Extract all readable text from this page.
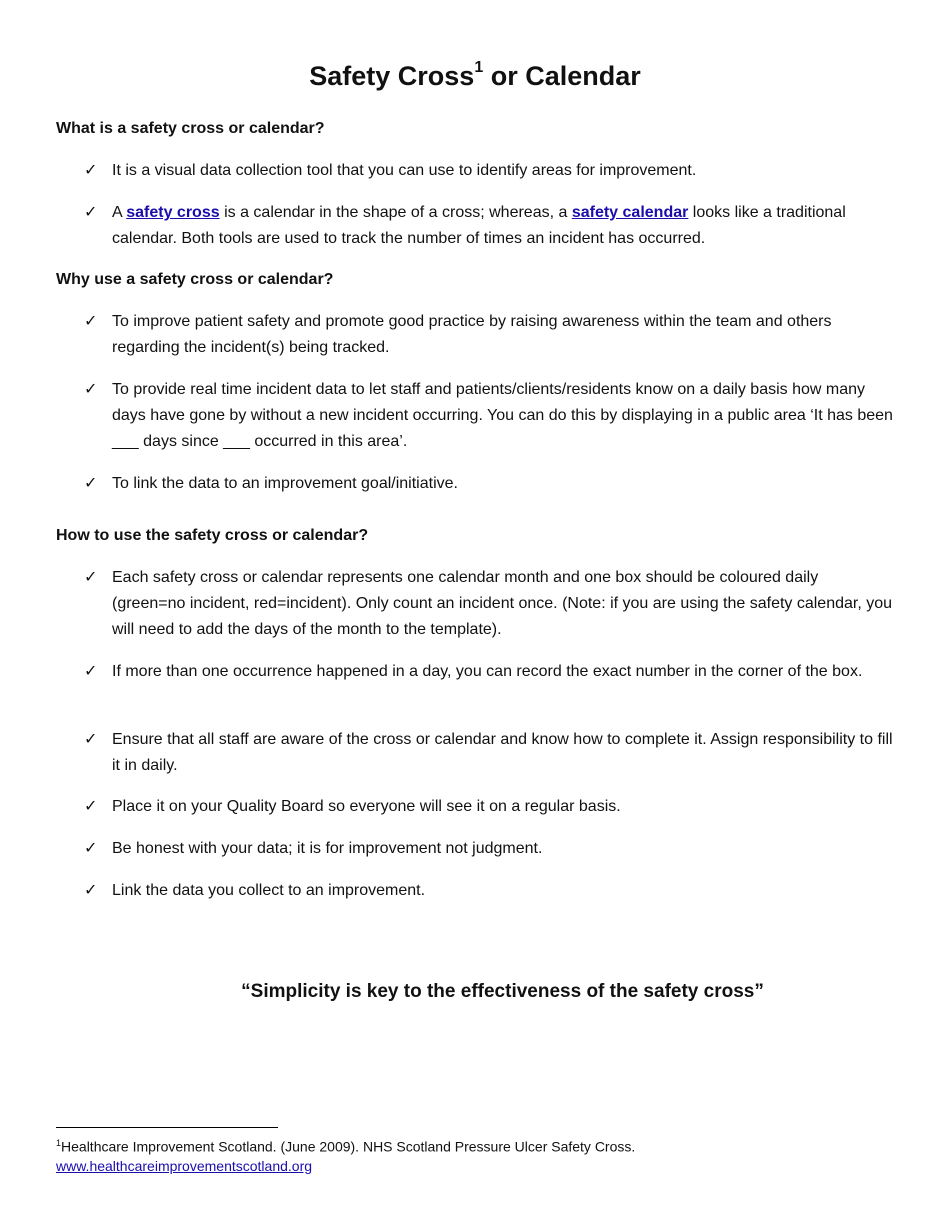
Safety Cross$^1$ or Calendar
What is a safety cross or calendar?
✓ It is a visual data collection tool that you can use to identify areas for improvement.
✓ A safety cross is a calendar in the shape of a cross; whereas, a safety calendar looks like a traditional calendar. Both tools are used to track the number of times an incident has occurred.
Why use a safety cross or calendar?
✓ To improve patient safety and promote good practice by raising awareness within the team and others regarding the incident(s) being tracked.
✓ To provide real time incident data to let staff and patients/clients/residents know on a daily basis how many days have gone by without a new incident occurring. You can do this by displaying in a public area ‘It has been ___ days since ___ occurred in this area’.
✓ To link the data to an improvement goal/initiative.
How to use the safety cross or calendar?
✓ Each safety cross or calendar represents one calendar month and one box should be coloured daily (green=no incident, red=incident). Only count an incident once. (Note: if you are using the safety calendar, you will need to add the days of the month to the template).
✓ If more than one occurrence happened in a day, you can record the exact number in the corner of the box.
✓ Ensure that all staff are aware of the cross or calendar and know how to complete it. Assign responsibility to fill it in daily.
✓ Place it on your Quality Board so everyone will see it on a regular basis.
✓ Be honest with your data; it is for improvement not judgment.
✓ Link the data you collect to an improvement.
“Simplicity is key to the effectiveness of the safety cross”
$^1$Healthcare Improvement Scotland. (June 2009). NHS Scotland Pressure Ulcer Safety Cross.
www.healthcareimprovementscotland.org
